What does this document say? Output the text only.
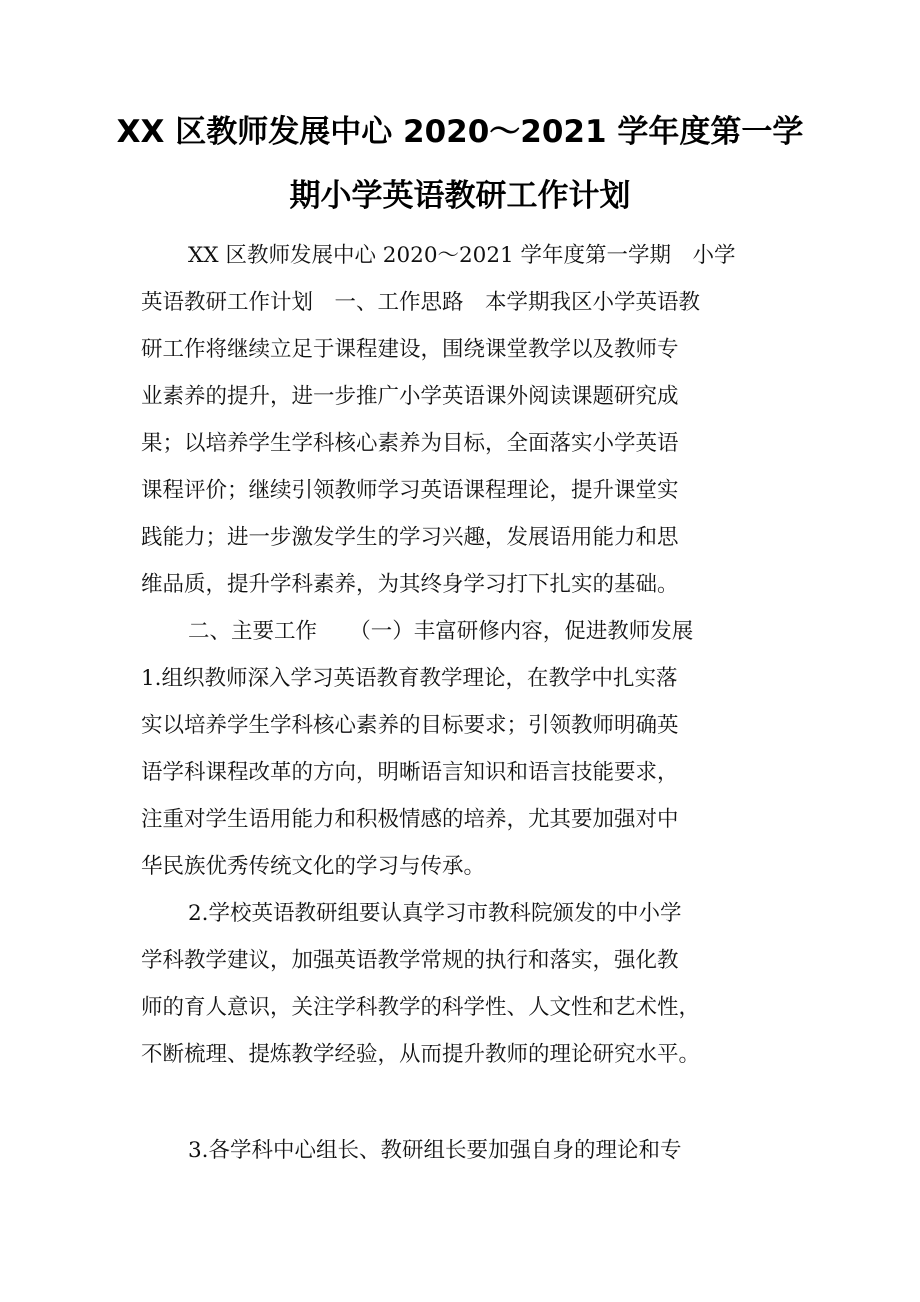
XX 区教师发展中心 2020～2021 学年度第一学
期小学英语教研工作计划

XX 区教师发展中心 2020～2021 学年度第一学期　小学

英语教研工作计划　一、工作思路　本学期我区小学英语教

研工作将继续立足于课程建设，围绕课堂教学以及教师专

业素养的提升，进一步推广小学英语课外阅读课题研究成

果；以培养学生学科核心素养为目标，全面落实小学英语

课程评价；继续引领教师学习英语课程理论，提升课堂实

践能力；进一步激发学生的学习兴趣，发展语用能力和思

维品质，提升学科素养，为其终身学习打下扎实的基础。

二、主要工作　　（一）丰富研修内容，促进教师发展

1.组织教师深入学习英语教育教学理论，在教学中扎实落

实以培养学生学科核心素养的目标要求；引领教师明确英

语学科课程改革的方向，明晰语言知识和语言技能要求，

注重对学生语用能力和积极情感的培养，尤其要加强对中

华民族优秀传统文化的学习与传承。

2.学校英语教研组要认真学习市教科院颁发的中小学

学科教学建议，加强英语教学常规的执行和落实，强化教

师的育人意识，关注学科教学的科学性、人文性和艺术性，

不断梳理、提炼教学经验，从而提升教师的理论研究水平。

3.各学科中心组长、教研组长要加强自身的理论和专
